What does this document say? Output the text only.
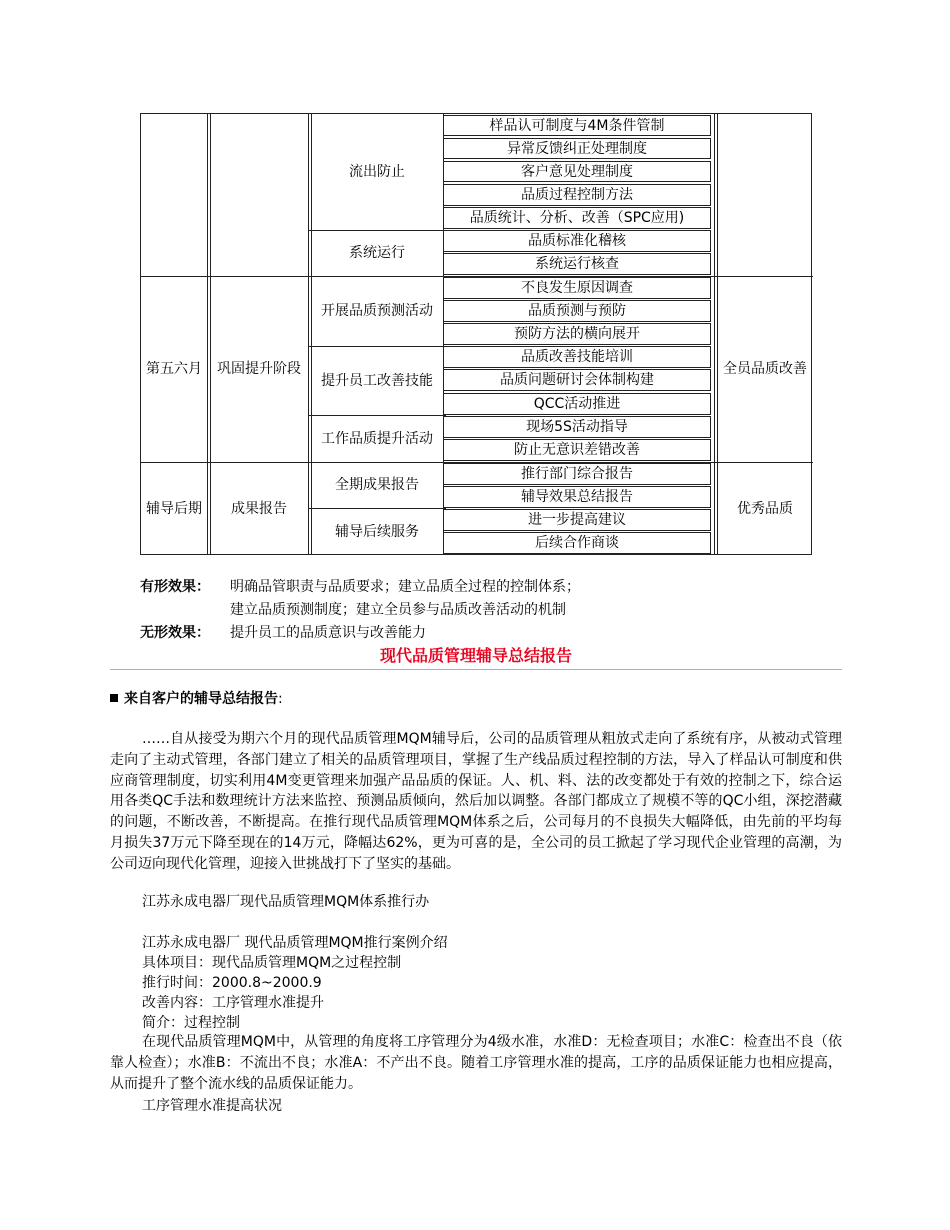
流出防止
系统运行
第五六月	巩固提升阶段
开展品质预测活动
提升员工改善技能
工作品质提升活动
全员品质改善
辅导后期	成果报告
全期成果报告
辅导后续服务
优秀品质
样品认可制度与4M条件管制
异常反馈纠正处理制度
客户意见处理制度
品质过程控制方法
品质统计、分析、改善（SPC应用)
品质标准化稽核
系统运行核查
不良发生原因调查
品质预测与预防
预防方法的横向展开
品质改善技能培训
品质问题研讨会体制构建
QCC活动推进
现场5S活动指导
防止无意识差错改善
推行部门综合报告
辅导效果总结报告
进一步提高建议
后续合作商谈
有形效果： 明确品管职责与品质要求；建立品质全过程的控制体系；
建立品质预测制度；建立全员参与品质改善活动的机制
无形效果： 提升员工的品质意识与改善能力
现代品质管理辅导总结报告
来自客户的辅导总结报告:

……自从接受为期六个月的现代品质管理MQM辅导后，公司的品质管理从粗放式走向了系统有序，从被动式管理走向了主动式管理，各部门建立了相关的品质管理项目，掌握了生产线品质过程控制的方法，导入了样品认可制度和供应商管理制度，切实利用4M变更管理来加强产品品质的保证。人、机、料、法的改变都处于有效的控制之下，综合运用各类QC手法和数理统计方法来监控、预测品质倾向，然后加以调整。各部门都成立了规模不等的QC小组，深挖潜藏的问题，不断改善，不断提高。在推行现代品质管理MQM体系之后，公司每月的不良损失大幅降低，由先前的平均每月损失37万元下降至现在的14万元，降幅达62%，更为可喜的是，全公司的员工掀起了学习现代企业管理的高潮，为公司迈向现代化管理，迎接入世挑战打下了坚实的基础。

江苏永成电器厂现代品质管理MQM体系推行办
江苏永成电器厂 现代品质管理MQM推行案例介绍
具体项目：现代品质管理MQM之过程控制
推行时间：2000.8~2000.9
改善内容：工序管理水准提升
简介：过程控制

在现代品质管理MQM中，从管理的角度将工序管理分为4级水准，水准D：无检查项目；水准C：检查出不良（依靠人检查）；水准B：不流出不良；水准A：不产出不良。随着工序管理水准的提高，工序的品质保证能力也相应提高，从而提升了整个流水线的品质保证能力。

工序管理水准提高状况
